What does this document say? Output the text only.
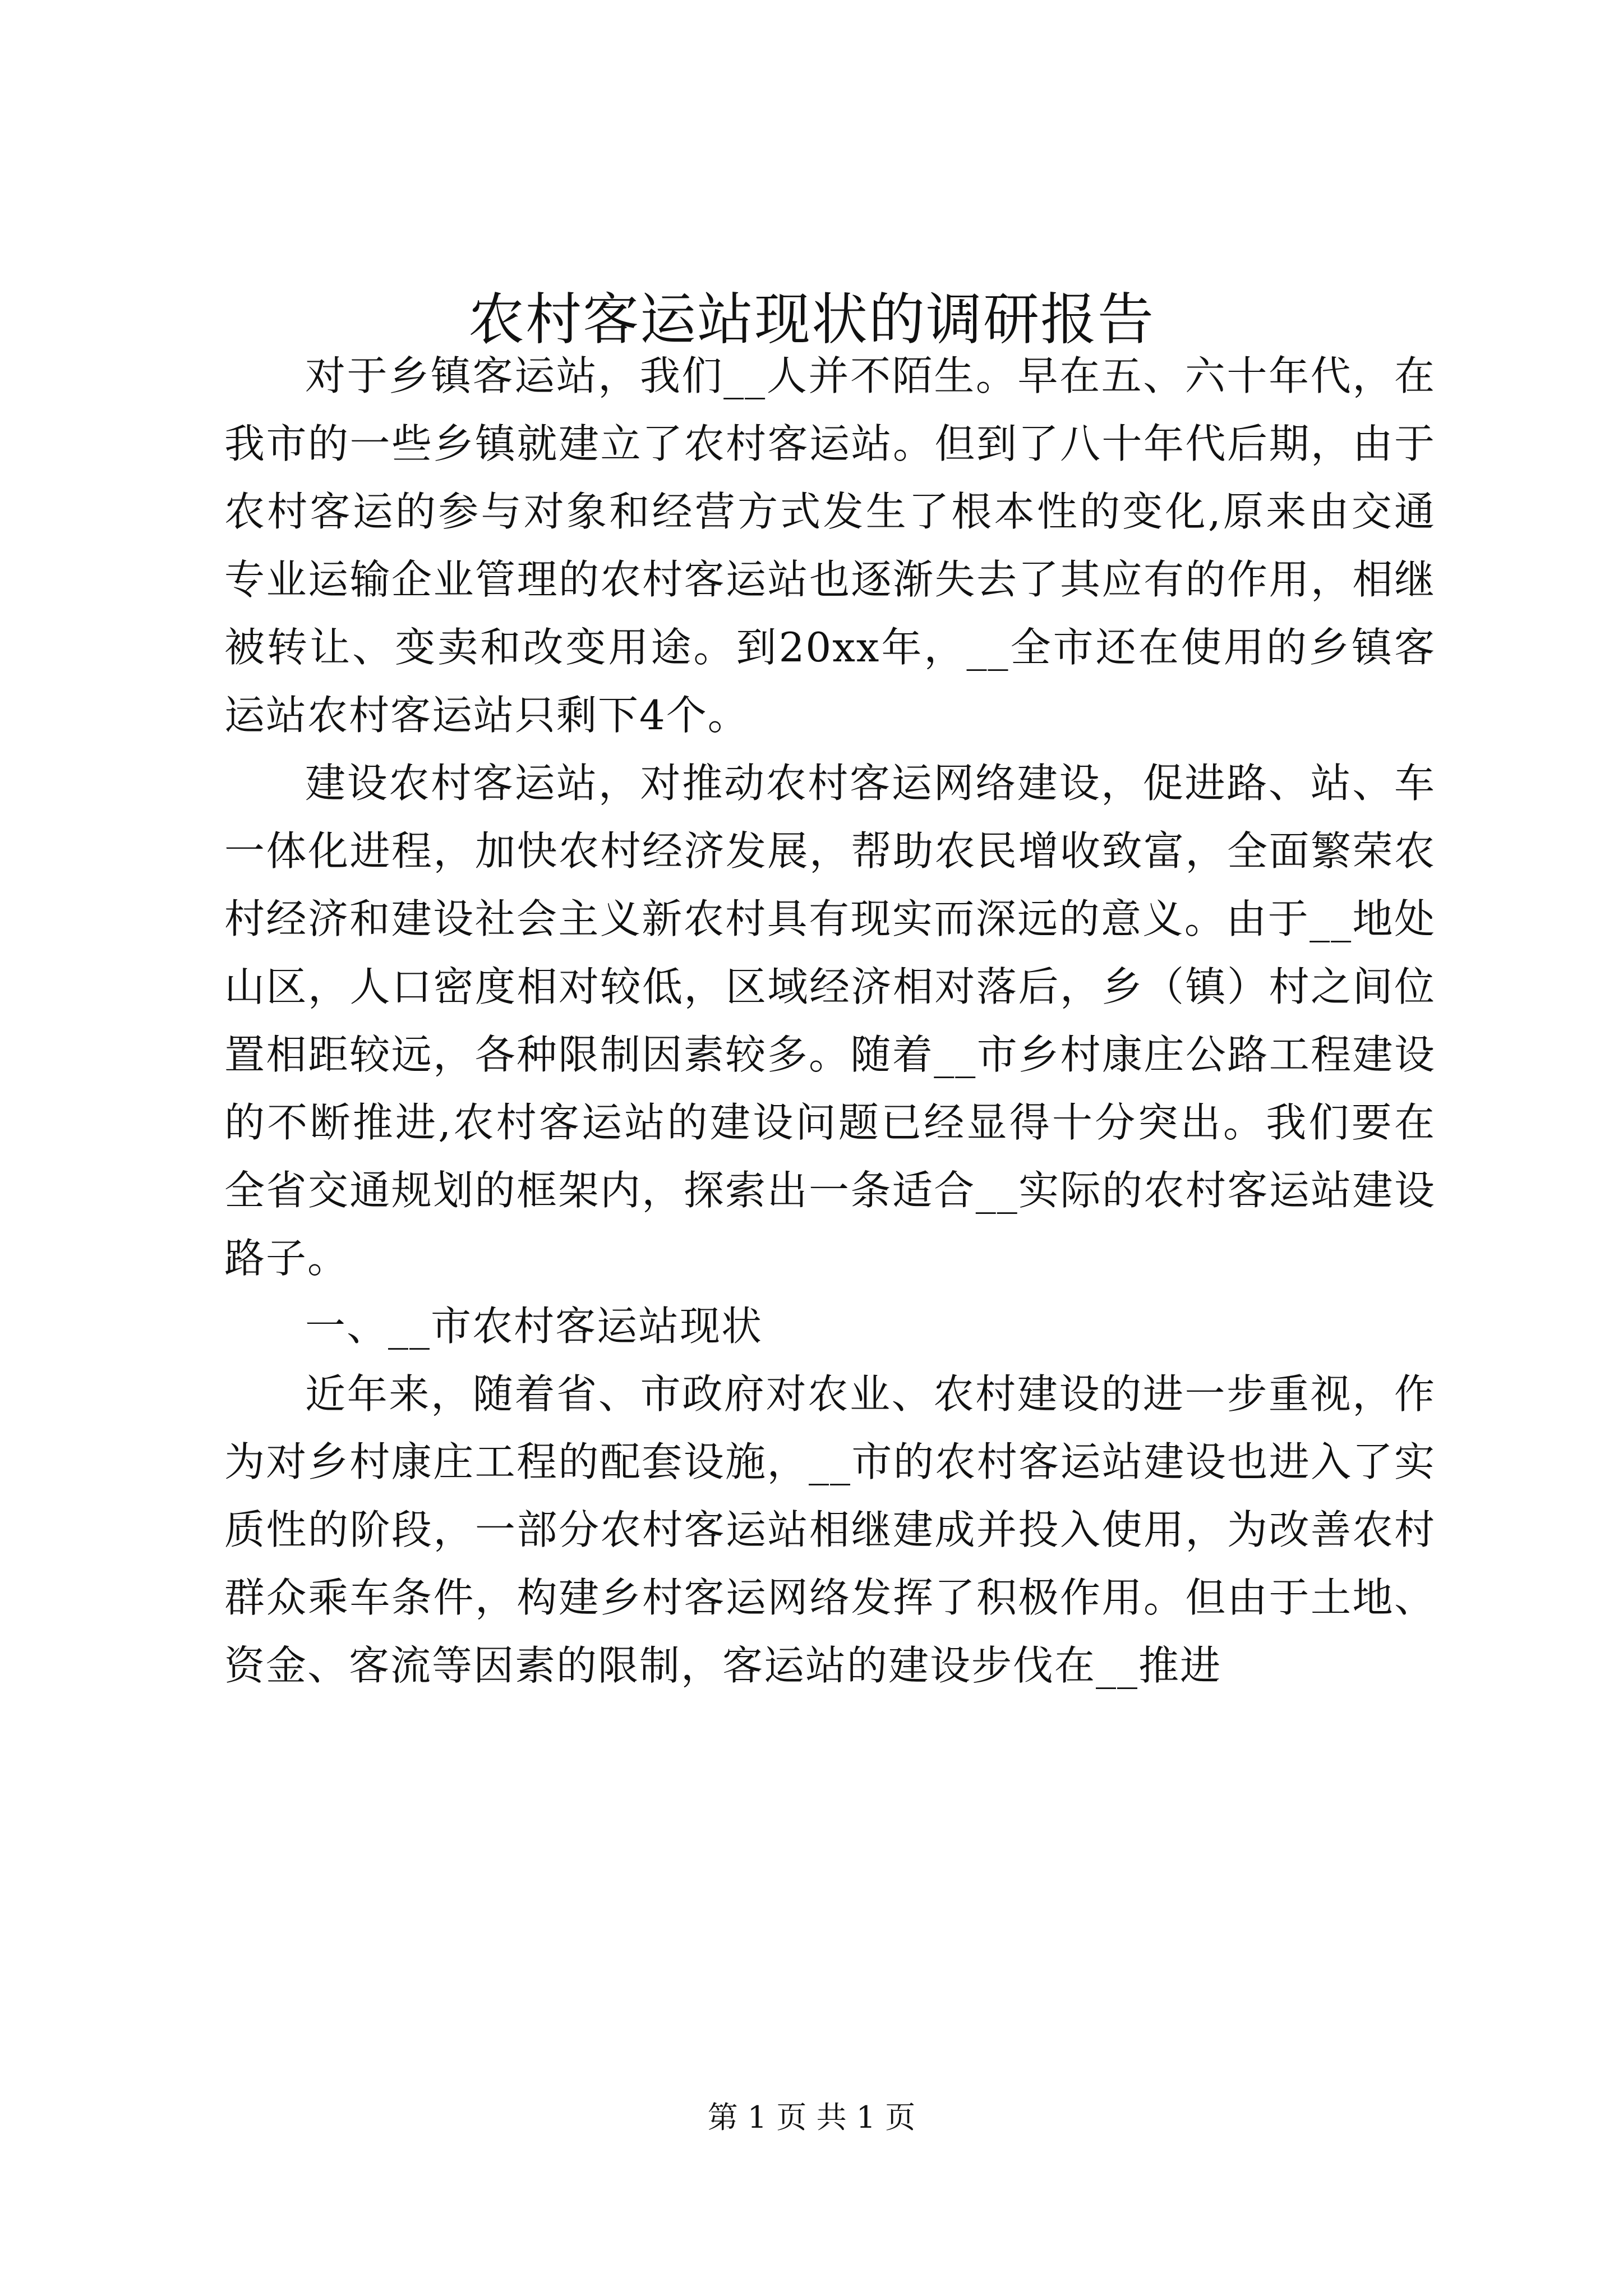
农村客运站现状的调研报告

对于乡镇客运站，我们__人并不陌生。早在五、六十年代，在我市的一些乡镇就建立了农村客运站。但到了八十年代后期，由于农村客运的参与对象和经营方式发生了根本性的变化,原来由交通专业运输企业管理的农村客运站也逐渐失去了其应有的作用，相继被转让、变卖和改变用途。到20xx年，__全市还在使用的乡镇客运站农村客运站只剩下4个。

建设农村客运站，对推动农村客运网络建设，促进路、站、车一体化进程，加快农村经济发展，帮助农民增收致富，全面繁荣农村经济和建设社会主义新农村具有现实而深远的意义。由于__地处山区，人口密度相对较低，区域经济相对落后，乡（镇）村之间位置相距较远，各种限制因素较多。随着__市乡村康庄公路工程建设的不断推进,农村客运站的建设问题已经显得十分突出。我们要在全省交通规划的框架内，探索出一条适合__实际的农村客运站建设路子。

一、__市农村客运站现状

近年来，随着省、市政府对农业、农村建设的进一步重视，作为对乡村康庄工程的配套设施，__市的农村客运站建设也进入了实质性的阶段，一部分农村客运站相继建成并投入使用，为改善农村群众乘车条件，构建乡村客运网络发挥了积极作用。但由于土地、资金、客流等因素的限制，客运站的建设步伐在__推进

第 1 页 共 1 页
